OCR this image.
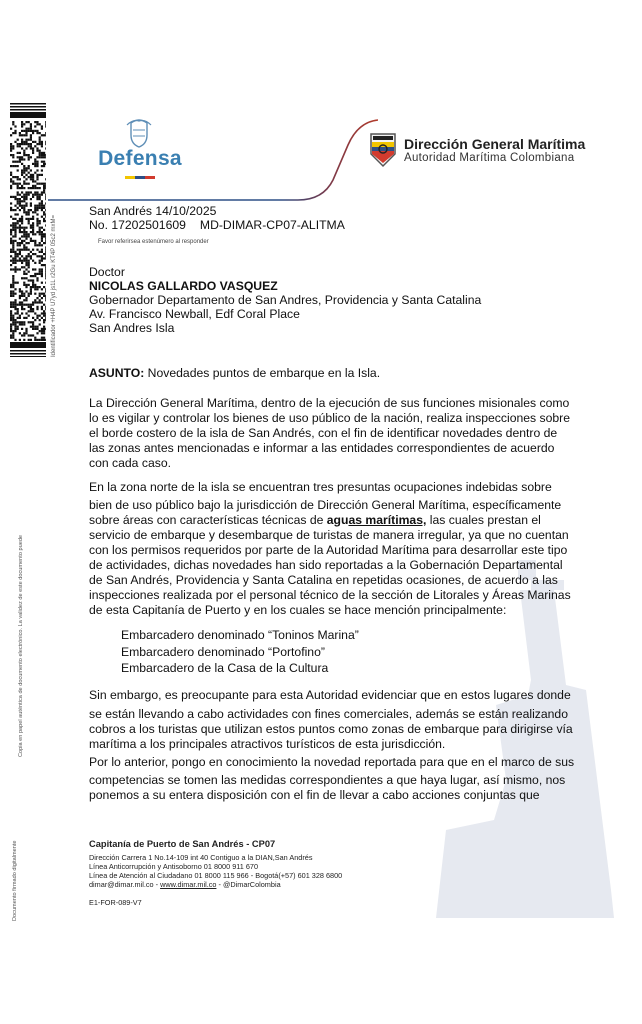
Identificador +H4P U7yd js1L r2Gu KT4P 05c2 mxM=
Copia en papel auténtica de documento electrónico. La validez de este documento puede
Documento firmado digitalmente
Defensa
Dirección General Marítima
Autoridad Marítima Colombiana
San Andrés 14/10/2025
No. 17202501609 MD-DIMAR-CP07-ALITMA
Favor referirsea estenúmero al responder
Doctor
NICOLAS GALLARDO VASQUEZ
Gobernador Departamento de San Andres, Providencia y Santa Catalina
Av. Francisco Newball, Edf Coral Place
San Andres Isla
ASUNTO: Novedades puntos de embarque en la Isla.
La Dirección General Marítima, dentro de la ejecución de sus funciones misionales como
lo es vigilar y controlar los bienes de uso público de la nación, realiza inspecciones sobre
el borde costero de la isla de San Andrés, con el fin de identificar novedades dentro de
las zonas antes mencionadas e informar a las entidades correspondientes de acuerdo
con cada caso.
En la zona norte de la isla se encuentran tres presuntas ocupaciones indebidas sobre
bien de uso público bajo la jurisdicción de Dirección General Marítima, específicamente
sobre áreas con características técnicas de aguas marítimas, las cuales prestan el
servicio de embarque y desembarque de turistas de manera irregular, ya que no cuentan
con los permisos requeridos por parte de la Autoridad Marítima para desarrollar este tipo
de actividades, dichas novedades han sido reportadas a la Gobernación Departamental
de San Andrés, Providencia y Santa Catalina en repetidas ocasiones, de acuerdo a las
inspecciones realizada por el personal técnico de la sección de Litorales y Áreas Marinas
de esta Capitanía de Puerto y en los cuales se hace mención principalmente:
Embarcadero denominado “Toninos Marina”
Embarcadero denominado “Portofino”
Embarcadero de la Casa de la Cultura
Sin embargo, es preocupante para esta Autoridad evidenciar que en estos lugares donde
se están llevando a cabo actividades con fines comerciales, además se están realizando
cobros a los turistas que utilizan estos puntos como zonas de embarque para dirigirse vía
marítima a los principales atractivos turísticos de esta jurisdicción.
Por lo anterior, pongo en conocimiento la novedad reportada para que en el marco de sus
competencias se tomen las medidas correspondientes a que haya lugar, así mismo, nos
ponemos a su entera disposición con el fin de llevar a cabo acciones conjuntas que
Capitanía de Puerto de San Andrés - CP07
Dirección Carrera 1 No.14-109 int 40 Contiguo a la DIAN,San Andrés
Línea Anticorrupción y Antisoborno 01 8000 911 670
Línea de Atención al Ciudadano 01 8000 115 966 - Bogotá(+57) 601 328 6800
dimar@dimar.mil.co - www.dimar.mil.co - @DimarColombia
E1-FOR-089-V7
